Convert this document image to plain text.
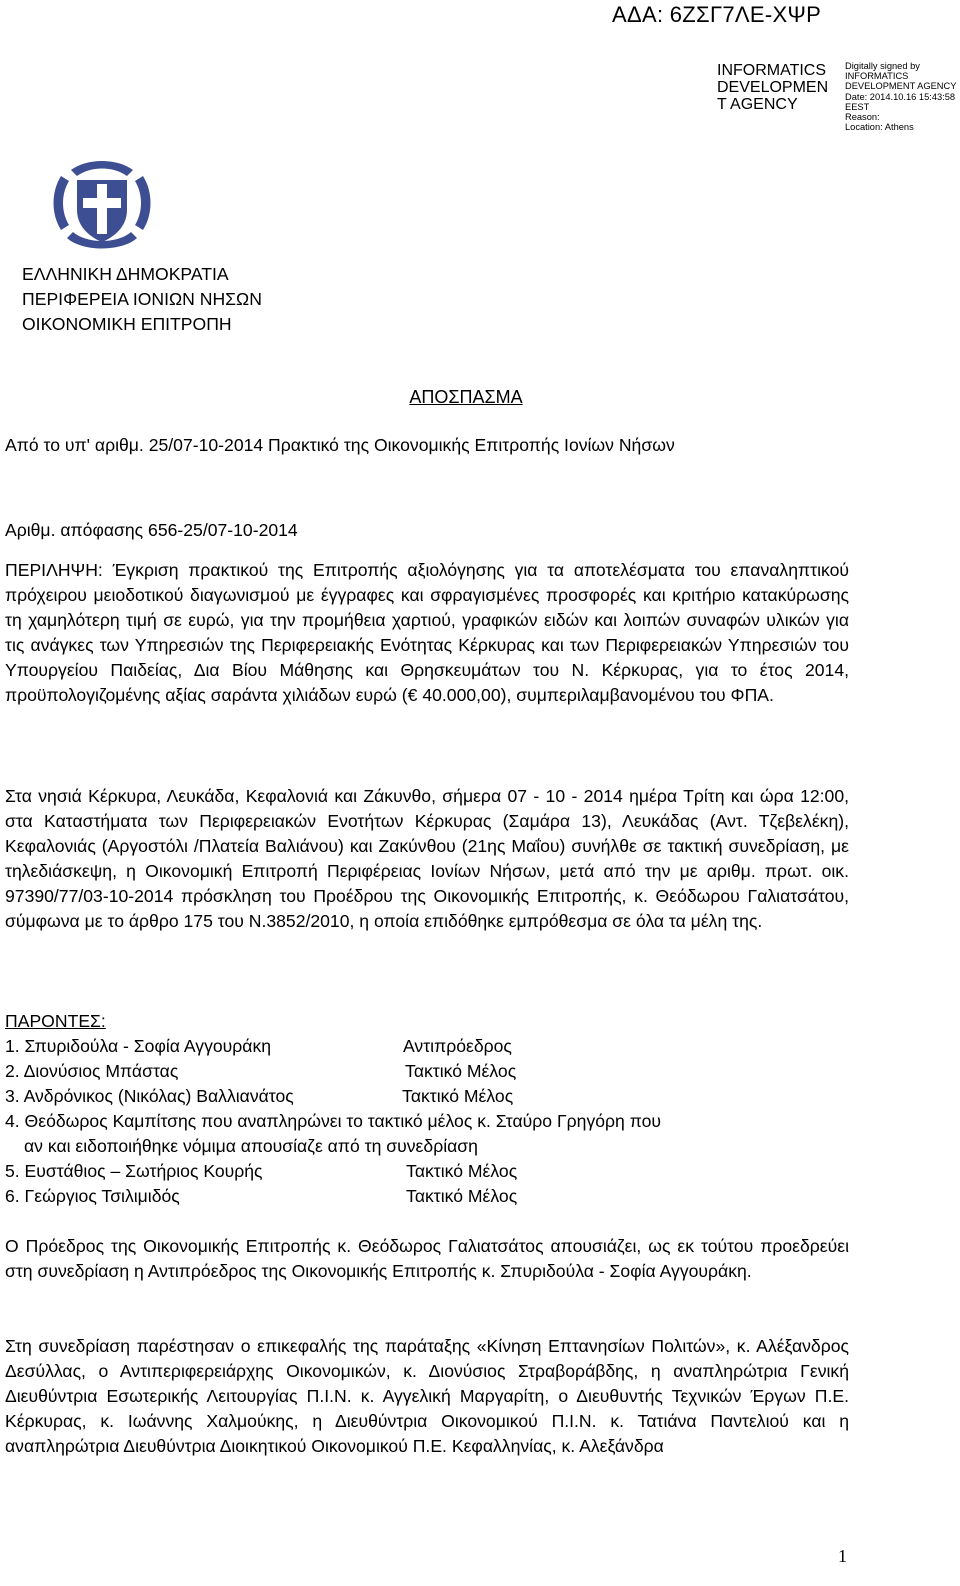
ΑΔΑ: 6ΖΣΓ7ΛΕ-ΧΨΡ
INFORMATICS DEVELOPMEN T AGENCY
Digitally signed by
INFORMATICS
DEVELOPMENT AGENCY
Date: 2014.10.16 15:43:58
EEST
Reason:
Location: Athens
ΕΛΛΗΝΙΚΗ ΔΗΜΟΚΡΑΤΙΑ
ΠΕΡΙΦΕΡΕΙΑ ΙΟΝΙΩΝ ΝΗΣΩΝ
ΟΙΚΟΝΟΜΙΚΗ ΕΠΙΤΡΟΠΗ
ΑΠΟΣΠΑΣΜΑ
Από το υπ' αριθμ. 25/07-10-2014 Πρακτικό της Οικονομικής Επιτροπής Ιονίων Νήσων
Αριθμ. απόφασης 656-25/07-10-2014
ΠΕΡΙΛΗΨΗ: Έγκριση πρακτικού της Επιτροπής αξιολόγησης για τα αποτελέσματα του επαναληπτικού πρόχειρου μειοδοτικού διαγωνισμού με έγγραφες και σφραγισμένες προσφορές και κριτήριο κατακύρωσης τη χαμηλότερη τιμή σε ευρώ, για την προμήθεια χαρτιού, γραφικών ειδών και λοιπών συναφών υλικών για τις ανάγκες των Υπηρεσιών της Περιφερειακής Ενότητας Κέρκυρας και των Περιφερειακών Υπηρεσιών του Υπουργείου Παιδείας, Δια Βίου Μάθησης και Θρησκευμάτων του Ν. Κέρκυρας, για το έτος 2014, προϋπολογιζομένης αξίας σαράντα χιλιάδων ευρώ (€ 40.000,00), συμπεριλαμβανομένου του ΦΠΑ.
Στα νησιά Κέρκυρα, Λευκάδα, Κεφαλονιά και Ζάκυνθο, σήμερα 07 - 10 - 2014 ημέρα Τρίτη και ώρα 12:00, στα Καταστήματα των Περιφερειακών Ενοτήτων Κέρκυρας (Σαμάρα 13), Λευκάδας (Αντ. Τζεβελέκη), Κεφαλονιάς (Αργοστόλι /Πλατεία Βαλιάνου) και Ζακύνθου (21ης Μαΐου) συνήλθε σε τακτική συνεδρίαση, με τηλεδιάσκεψη, η Οικονομική Επιτροπή Περιφέρειας Ιονίων Νήσων, μετά από την με αριθμ. πρωτ. οικ. 97390/77/03-10-2014 πρόσκληση του Προέδρου της Οικονομικής Επιτροπής, κ. Θεόδωρου Γαλιατσάτου, σύμφωνα με το άρθρο 175 του Ν.3852/2010, η οποία επιδόθηκε εμπρόθεσμα σε όλα τα μέλη της.
ΠΑΡΟΝΤΕΣ:
1. Σπυριδούλα - Σοφία Αγγουράκη	Αντιπρόεδρος
2. Διονύσιος Μπάστας	Τακτικό Μέλος
3. Ανδρόνικος (Νικόλας) Βαλλιανάτος	Τακτικό Μέλος
4. Θεόδωρος Καμπίτσης που αναπληρώνει το τακτικό μέλος κ. Σταύρο Γρηγόρη που
αν και ειδοποιήθηκε νόμιμα απουσίαζε από τη συνεδρίαση
5. Ευστάθιος – Σωτήριος Κουρής	Τακτικό Μέλος
6. Γεώργιος Τσιλιμιδός	Τακτικό Μέλος
Ο Πρόεδρος της Οικονομικής Επιτροπής κ. Θεόδωρος Γαλιατσάτος απουσιάζει, ως εκ τούτου προεδρεύει στη συνεδρίαση η Αντιπρόεδρος της Οικονομικής Επιτροπής κ. Σπυριδούλα - Σοφία Αγγουράκη.
Στη συνεδρίαση παρέστησαν ο επικεφαλής της παράταξης «Κίνηση Επτανησίων Πολιτών», κ. Αλέξανδρος Δεσύλλας, ο Αντιπεριφερειάρχης Οικονομικών, κ. Διονύσιος Στραβοράβδης, η αναπληρώτρια Γενική Διευθύντρια Εσωτερικής Λειτουργίας Π.Ι.Ν. κ. Αγγελική Μαργαρίτη, ο Διευθυντής Τεχνικών Έργων Π.Ε. Κέρκυρας, κ. Ιωάννης Χαλμούκης, η Διευθύντρια Οικονομικού Π.Ι.Ν. κ. Τατιάνα Παντελιού και η αναπληρώτρια Διευθύντρια Διοικητικού Οικονομικού Π.Ε. Κεφαλληνίας, κ. Αλεξάνδρα
1
